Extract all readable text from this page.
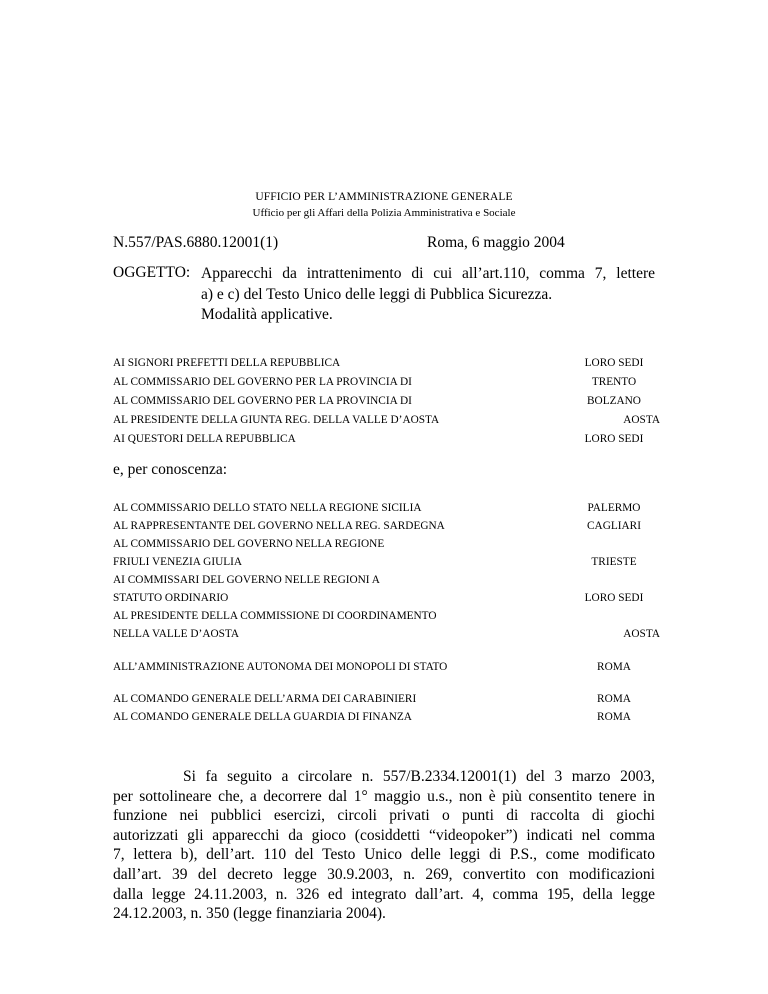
UFFICIO PER L’AMMINISTRAZIONE GENERALE
Ufficio per gli Affari della Polizia Amministrativa e Sociale
N.557/PAS.6880.12001(1)	Roma, 6 maggio 2004
OGGETTO: Apparecchi da intrattenimento di cui all’art.110, comma 7, lettere
a) e c) del Testo Unico delle leggi di Pubblica Sicurezza.
Modalità applicative.
AI SIGNORI PREFETTI DELLA REPUBBLICA	LORO SEDI
AL COMMISSARIO DEL GOVERNO PER LA PROVINCIA DI	TRENTO
AL COMMISSARIO DEL GOVERNO PER LA PROVINCIA DI	BOLZANO
AL PRESIDENTE DELLA GIUNTA REG. DELLA VALLE D’AOSTA	AOSTA
AI QUESTORI DELLA REPUBBLICA	LORO SEDI
e, per conoscenza:
AL COMMISSARIO DELLO STATO NELLA REGIONE SICILIA	PALERMO
AL RAPPRESENTANTE DEL GOVERNO NELLA REG. SARDEGNA	CAGLIARI
AL COMMISSARIO DEL GOVERNO NELLA REGIONE
FRIULI VENEZIA GIULIA	TRIESTE
AI COMMISSARI DEL GOVERNO NELLE REGIONI A
STATUTO ORDINARIO	LORO SEDI
AL PRESIDENTE DELLA COMMISSIONE DI COORDINAMENTO
NELLA VALLE D’AOSTA	AOSTA
ALL’AMMINISTRAZIONE AUTONOMA DEI MONOPOLI DI STATO	ROMA
AL COMANDO GENERALE DELL’ARMA DEI CARABINIERI	ROMA
AL COMANDO GENERALE DELLA GUARDIA DI FINANZA	ROMA
Si fa seguito a circolare n. 557/B.2334.12001(1) del 3 marzo 2003,
per sottolineare che, a decorrere dal 1° maggio u.s., non è più consentito tenere in
funzione nei pubblici esercizi, circoli privati o punti di raccolta di giochi
autorizzati gli apparecchi da gioco (cosiddetti “videopoker”) indicati nel comma
7, lettera b), dell’art. 110 del Testo Unico delle leggi di P.S., come modificato
dall’art. 39 del decreto legge 30.9.2003, n. 269, convertito con modificazioni
dalla legge 24.11.2003, n. 326 ed integrato dall’art. 4, comma 195, della legge
24.12.2003, n. 350 (legge finanziaria 2004).
